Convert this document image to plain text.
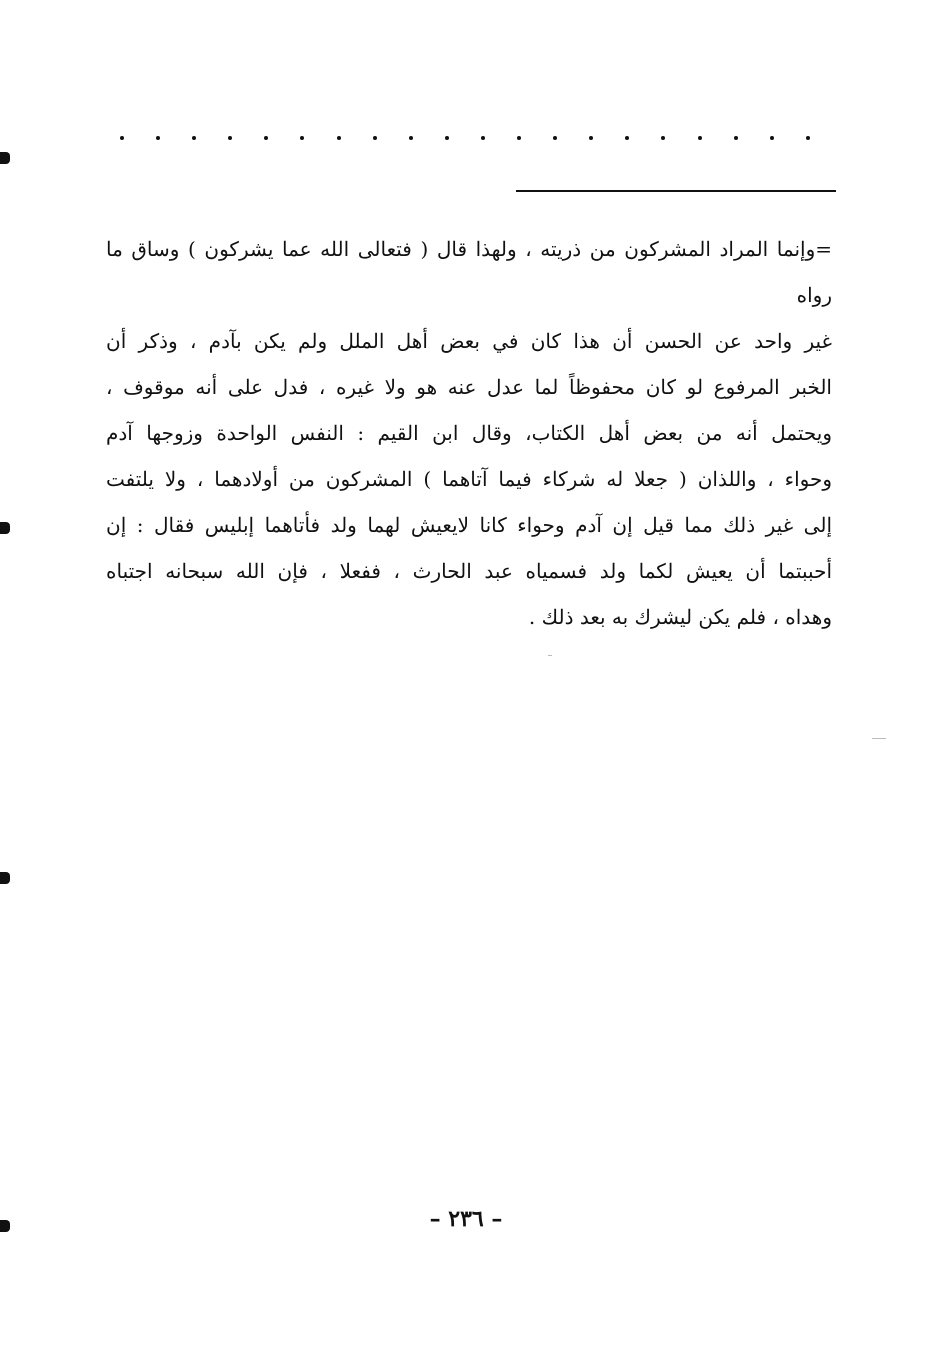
=وإنما المراد المشركون من ذريته ، ولهذا قال ( فتعالى الله عما يشركون ) وساق ما رواه

غير واحد عن الحسن أن هذا كان في بعض أهل الملل ولم يكن بآدم ، وذكر أن

الخبر المرفوع لو كان محفوظاً لما عدل عنه هو ولا غيره ، فدل على أنه موقوف ،

ويحتمل أنه من بعض أهل الكتاب، وقال ابن القيم : النفس الواحدة وزوجها آدم

وحواء ، واللذان ( جعلا له شركاء فيما آتاهما ) المشركون من أولادهما ، ولا يلتفت

إلى غير ذلك مما قيل إن آدم وحواء كانا لايعيش لهما ولد فأتاهما إبليس فقال : إن

أحببتما أن يعيش لكما ولد فسمياه عبد الحارث ، ففعلا ، فإن الله سبحانه اجتباه

وهداه ، فلم يكن ليشرك به بعد ذلك .

– ٢٣٦ –
